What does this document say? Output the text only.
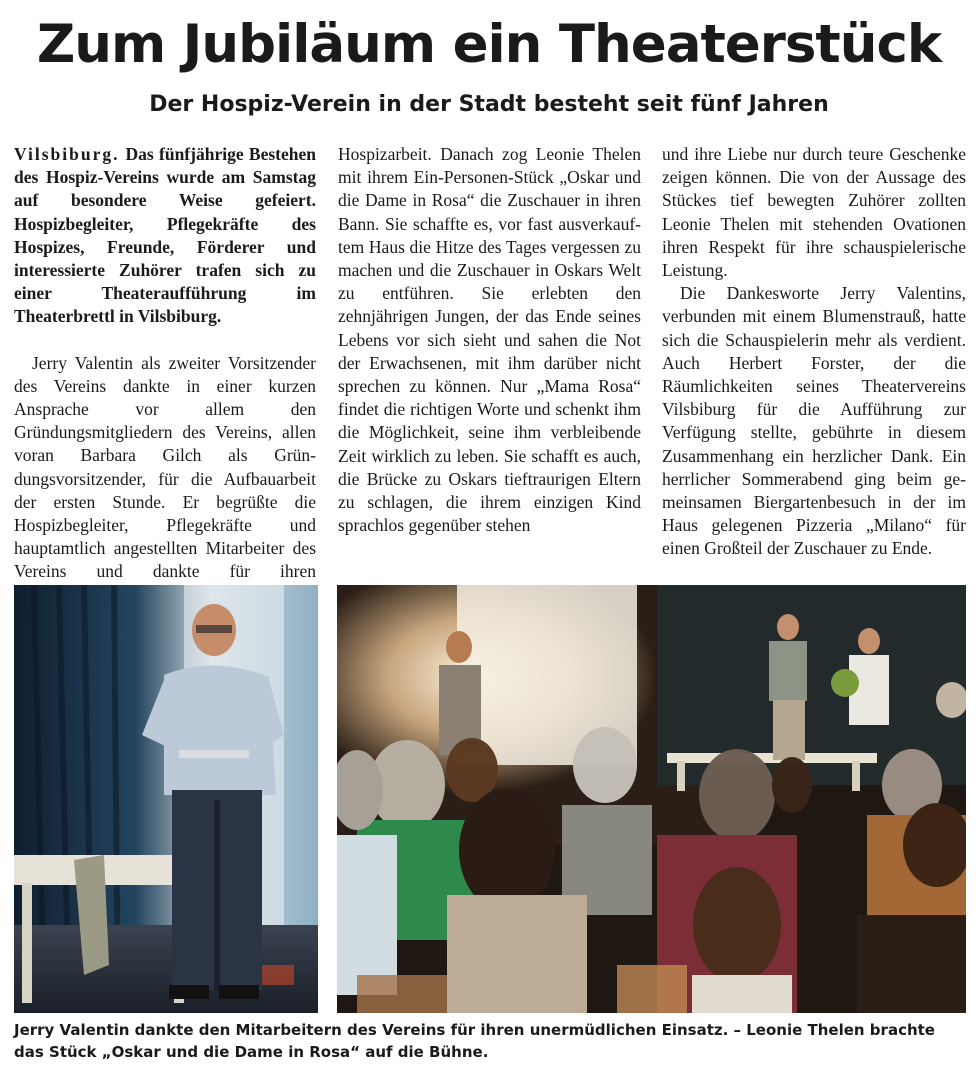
Zum Jubiläum ein Theaterstück
Der Hospiz-Verein in der Stadt besteht seit fünf Jahren

Vilsbiburg. Das fünfjährige Bestehen des Hospiz-Vereins wurde am Samstag auf besondere Weise gefeiert. Hospizbegleiter, Pflegekräfte des Hospizes, Freunde, Förderer und interessierte Zuhörer trafen sich zu einer Theateraufführung im Theaterbrettl in Vilsbiburg.

Jerry Valentin als zweiter Vorsitzender des Vereins dankte in einer kurzen Ansprache vor allem den Gründungsmitgliedern des Vereins, allen voran Barbara Gilch als Gründungsvorsitzender, für die Aufbauarbeit der ersten Stunde. Er begrüßte die Hospizbegleiter, Pflegekräfte und hauptamtlich angestellten Mitarbeiter des Vereins und dankte für ihren

Hospizarbeit. Danach zog Leonie Thelen mit ihrem Ein-Personen-Stück „Oskar und die Dame in Rosa“ die Zuschauer in ihren Bann. Sie schaffte es, vor fast ausverkauftem Haus die Hitze des Tages vergessen zu machen und die Zuschauer in Oskars Welt zu entführen. Sie erlebten den zehnjährigen Jungen, der das Ende seines Lebens vor sich sieht und sahen die Not der Erwachsenen, mit ihm darüber nicht sprechen zu können. Nur „Mama Rosa“ findet die richtigen Worte und schenkt ihm die Möglichkeit, seine ihm verbleibende Zeit wirklich zu leben. Sie schafft es auch, die Brücke zu Oskars tieftraurigen Eltern zu schlagen, die ihrem einzigen Kind sprachlos gegenüber stehen

und ihre Liebe nur durch teure Geschenke zeigen können. Die von der Aussage des Stückes tief bewegten Zuhörer zollten Leonie Thelen mit stehenden Ovationen ihren Respekt für ihre schauspielerische Leistung.

Die Dankesworte Jerry Valentins, verbunden mit einem Blumenstrauß, hatte sich die Schauspielerin mehr als verdient. Auch Herbert Forster, der die Räumlichkeiten seines Theatervereins Vilsbiburg für die Aufführung zur Verfügung stellte, gebührte in diesem Zusammenhang ein herzlicher Dank. Ein herrlicher Sommerabend ging beim gemeinsamen Biergartenbesuch in der im Haus gelegenen Pizzeria „Milano“ für einen Großteil der Zuschauer zu Ende.

Jerry Valentin dankte den Mitarbeitern des Vereins für ihren unermüdlichen Einsatz. – Leonie Thelen brachte das Stück „Oskar und die Dame in Rosa“ auf die Bühne.
